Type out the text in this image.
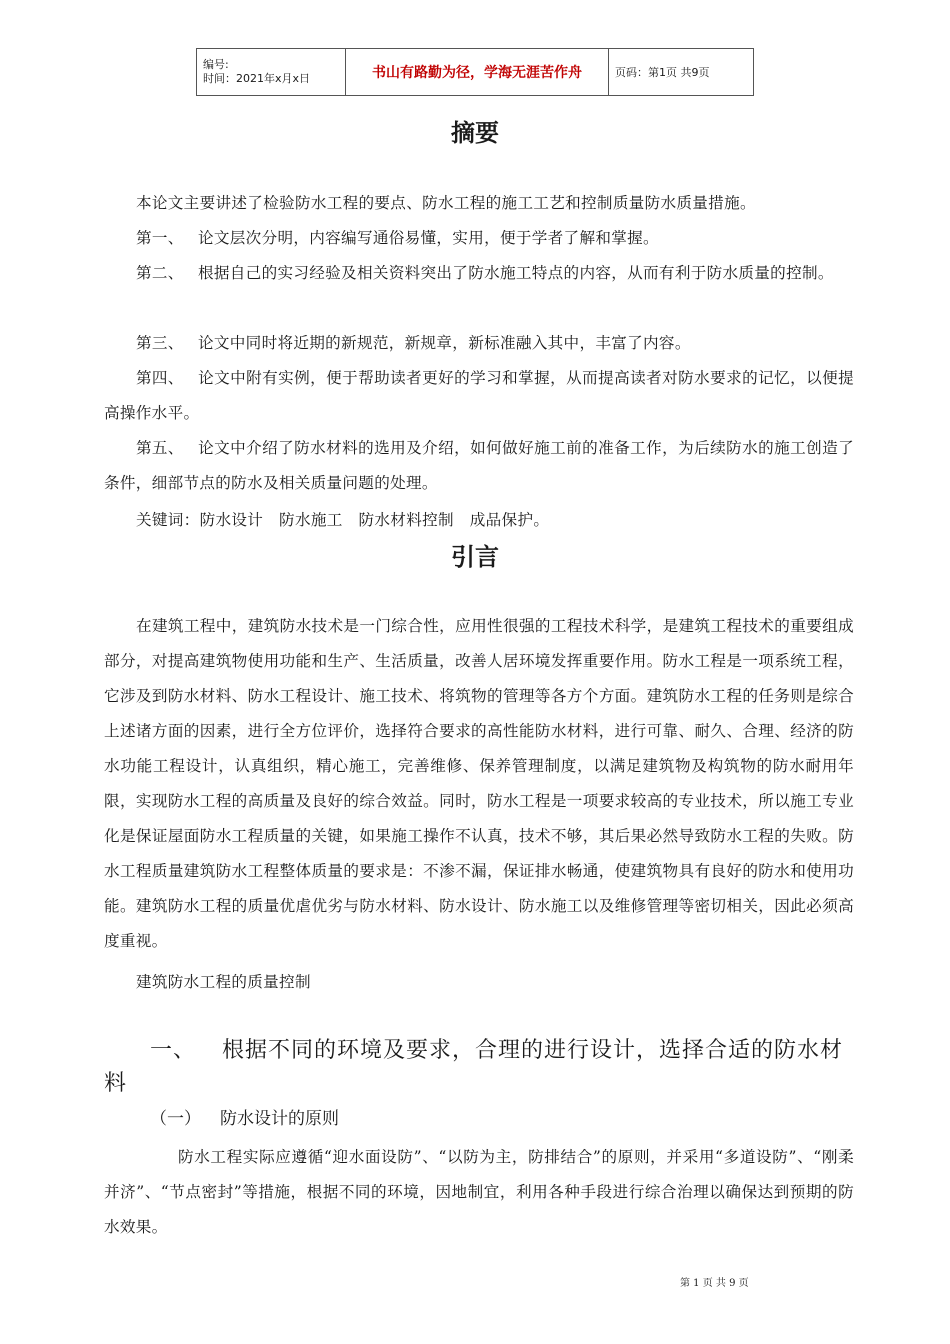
编号:
时间：2021年x月x日	书山有路勤为径，学海无涯苦作舟	页码：第1页 共9页
摘要

本论文主要讲述了检验防水工程的要点、防水工程的施工工艺和控制质量防水质量措施。

第一、 论文层次分明，内容编写通俗易懂，实用，便于学者了解和掌握。

第二、 根据自己的实习经验及相关资料突出了防水施工特点的内容，从而有利于防水质量的控制。

第三、 论文中同时将近期的新规范，新规章，新标准融入其中，丰富了内容。

第四、 论文中附有实例，便于帮助读者更好的学习和掌握，从而提高读者对防水要求的记忆，以便提高操作水平。

第五、 论文中介绍了防水材料的选用及介绍，如何做好施工前的准备工作，为后续防水的施工创造了条件，细部节点的防水及相关质量问题的处理。

关键词：防水设计　防水施工　防水材料控制　成品保护。

引言

在建筑工程中，建筑防水技术是一门综合性，应用性很强的工程技术科学，是建筑工程技术的重要组成部分，对提高建筑物使用功能和生产、生活质量，改善人居环境发挥重要作用。防水工程是一项系统工程，它涉及到防水材料、防水工程设计、施工技术、将筑物的管理等各方个方面。建筑防水工程的任务则是综合上述诸方面的因素，进行全方位评价，选择符合要求的高性能防水材料，进行可靠、耐久、合理、经济的防水功能工程设计，认真组织，精心施工，完善维修、保养管理制度，以满足建筑物及构筑物的防水耐用年限，实现防水工程的高质量及良好的综合效益。同时，防水工程是一项要求较高的专业技术，所以施工专业化是保证屋面防水工程质量的关键，如果施工操作不认真，技术不够，其后果必然导致防水工程的失败。防水工程质量建筑防水工程整体质量的要求是：不渗不漏，保证排水畅通，使建筑物具有良好的防水和使用功能。建筑防水工程的质量优虐优劣与防水材料、防水设计、防水施工以及维修管理等密切相关，因此必须高度重视。

建筑防水工程的质量控制

一、 根据不同的环境及要求，合理的进行设计，选择合适的防水材料

（一） 防水设计的原则

防水工程实际应遵循“迎水面设防”、“以防为主，防排结合”的原则，并采用“多道设防”、“刚柔并济”、“节点密封”等措施，根据不同的环境，因地制宜，利用各种手段进行综合治理以确保达到预期的防水效果。

第 1 页 共 9 页
